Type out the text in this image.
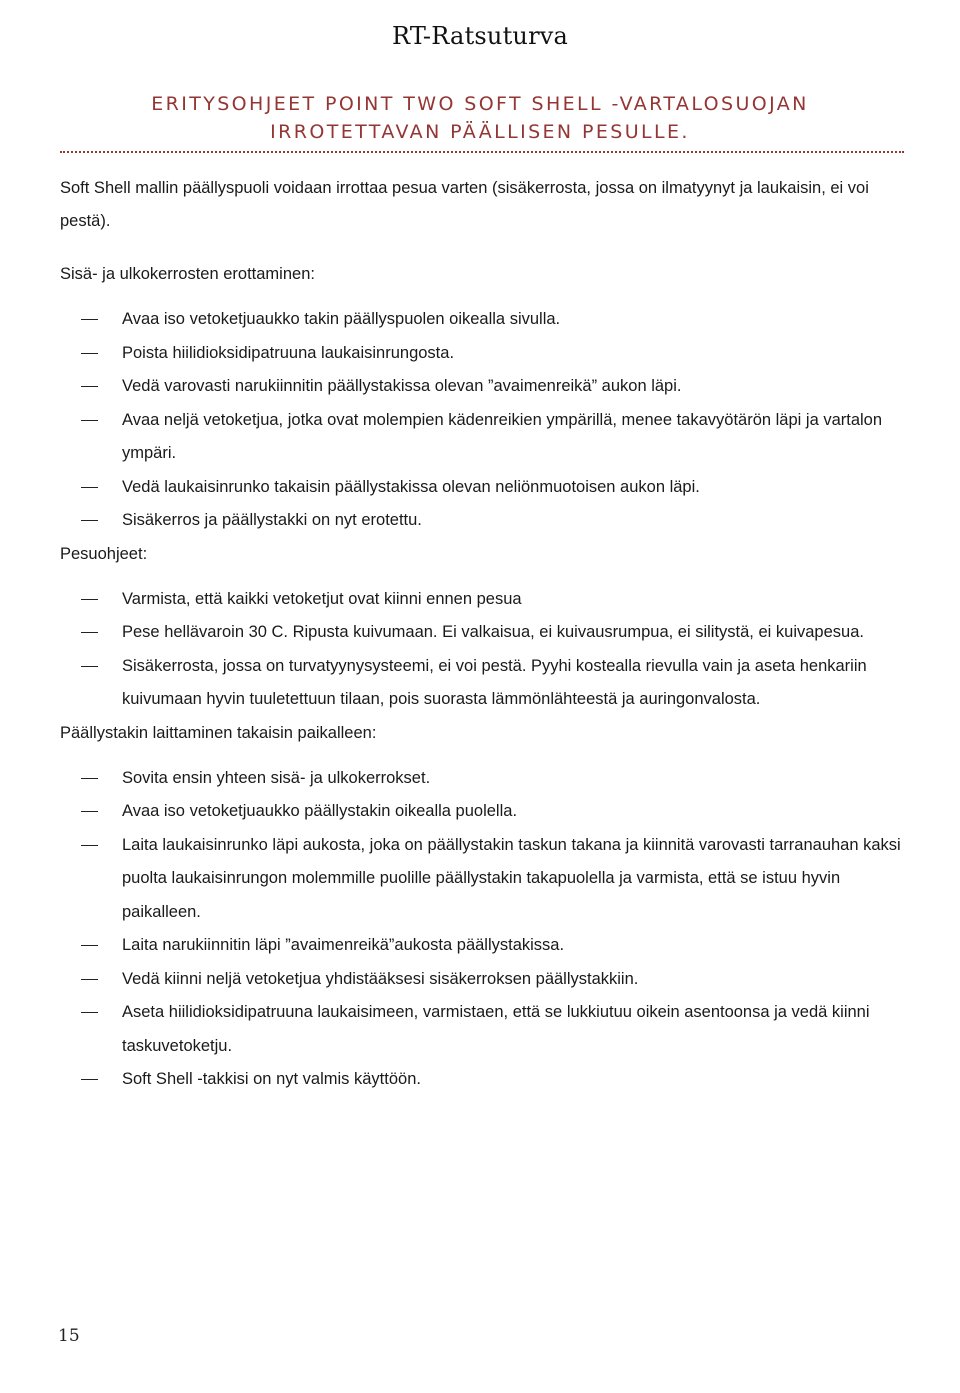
RT-Ratsuturva
ERITYSOHJEET POINT TWO SOFT SHELL -VARTALOSUOJAN
IRROTETTAVAN PÄÄLLISEN PESULLE.

Soft Shell mallin päällyspuoli voidaan irrottaa pesua varten (sisäkerrosta, jossa on ilmatyynyt ja laukaisin, ei voi pestä).

Sisä- ja ulkokerrosten erottaminen:

Avaa iso vetoketjuaukko takin päällyspuolen oikealla sivulla.
Poista hiilidioksidipatruuna laukaisinrungosta.
Vedä varovasti narukiinnitin päällystakissa olevan ”avaimenreikä” aukon läpi.
Avaa neljä vetoketjua, jotka ovat molempien kädenreikien ympärillä, menee takavyötärön läpi ja vartalon ympäri.
Vedä laukaisinrunko takaisin päällystakissa olevan neliönmuotoisen aukon läpi.
Sisäkerros ja päällystakki on nyt erotettu.

Pesuohjeet:

Varmista, että kaikki vetoketjut ovat kiinni ennen pesua
Pese hellävaroin 30 C. Ripusta kuivumaan. Ei valkaisua, ei kuivausrumpua, ei silitystä, ei kuivapesua.
Sisäkerrosta, jossa on turvatyynysysteemi, ei voi pestä. Pyyhi kostealla rievulla vain ja aseta henkariin kuivumaan hyvin tuuletettuun tilaan, pois suorasta lämmönlähteestä ja auringonvalosta.

Päällystakin laittaminen takaisin paikalleen:

Sovita ensin yhteen sisä- ja ulkokerrokset.
Avaa iso vetoketjuaukko päällystakin oikealla puolella.
Laita laukaisinrunko läpi aukosta, joka on päällystakin taskun takana ja kiinnitä varovasti tarranauhan kaksi puolta laukaisinrungon molemmille puolille päällystakin takapuolella ja varmista, että se istuu hyvin paikalleen.
Laita narukiinnitin läpi ”avaimenreikä”aukosta päällystakissa.
Vedä kiinni neljä vetoketjua yhdistääksesi sisäkerroksen päällystakkiin.
Aseta hiilidioksidipatruuna laukaisimeen, varmistaen, että se lukkiutuu oikein asentoonsa ja vedä kiinni taskuvetoketju.
Soft Shell -takkisi on nyt valmis käyttöön.
15
